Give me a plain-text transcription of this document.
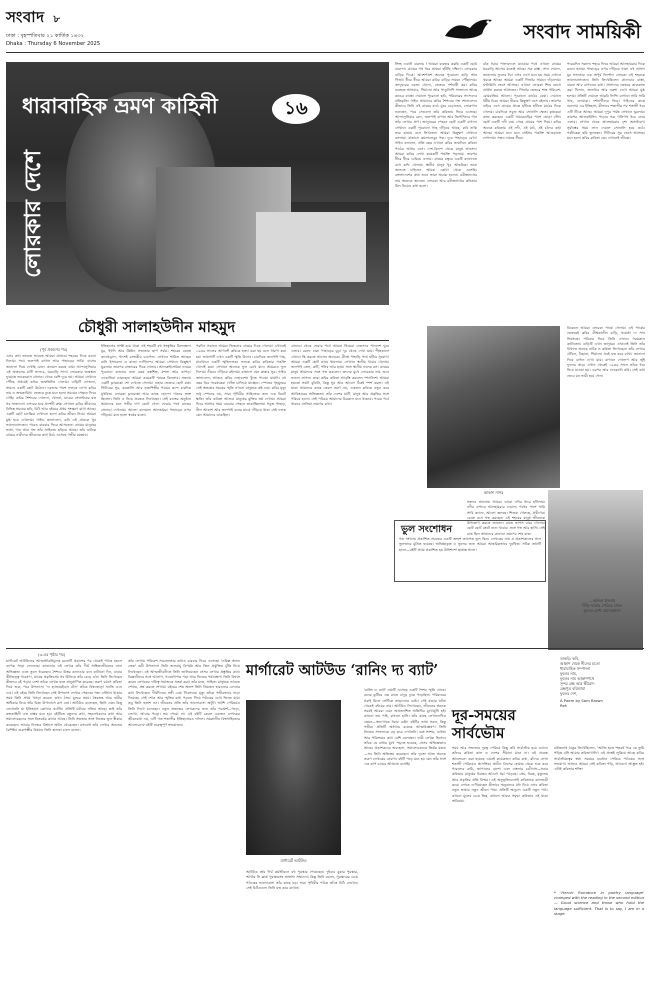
সংবাদ ৮
ঢাকা : বৃহস্পতিবার ২১ কার্তিক ১৪৩২
Dhaka : Thursday 6 November 2025
সংবাদ সাময়িকী
ধারাবাহিক ভ্রমণ কাহিনী	১৬
লোরকার দেশে
চৌধুরী সালাহউদীন মাহমুদ
সিংহ এবানী ঝরনায় ! আমরা ব্যবহার করছি একটি ছোট্ট বারান্দা। গ্রামের পথ ধরে আমরা হাঁটছি দক্ষিণে। লোরকার বাড়ির দিকে। আশেপাশে অনেক পুরোনো বাড়ি আর গির্জা। ধীরে ধীরে আমরা কবির বাড়ির সামনে পৌঁছালাম। জাদুঘরের দরজা খোলা, ভেতরে দর্শনার্থী কম। কবির ব্যবহৃত আসবাব, পিয়ানো আর পাণ্ডুলিপি সাজানো আছে কাচের বাক্সে। দেয়ালে পুরোনো ছবি, পরিবারের সদস্যদের প্রতিকৃতি। গাইড আমাদের কবির শৈশবের গল্প শোনালেন। কীভাবে তিনি এই গ্রামের মাঠে ঘুরে বেড়াতেন, লোকগান শুনতেন, পরে সেগুলো তাঁর কবিতায় ফিরে এসেছে। আন্দালুসিয়ার রোদ, জলপাই বাগান আর জিপসিদের গান তাঁর লেখার প্রাণ। জাদুঘরের পেছনে ছোট একটি বাগান। সেখানে একটি পুরোনো গাছ দাঁড়িয়ে আছে, কবি নাকি তার ছায়ায় বসে লিখতেন। আমরা কিছুক্ষণ সেখানে বসলাম। বাতাসে কমলালেবুর গন্ধ। দূরে পাহাড়ের রেখা। গাইড বললেন, প্রতি বছর এখানে কবির জন্মদিনে কবিতা পাঠের আসর বসে। দেশ-বিদেশ থেকে মানুষ আসেন। আমরা কবির লেখা কয়েকটি পঙক্তি পড়লাম। তারপর ধীরে ধীরে বেরিয়ে এলাম। গ্রামের চত্বরে একটি ক্যাফেতে বসে কফি খেলাম। স্থানীয় মানুষ খুব আন্তরিক। তারা জানতে চাইলেন আমরা কোথা থেকে এসেছি। বাংলাদেশের কথা শুনে তারা অবাক হলেন। রবীন্দ্রনাথের নাম অনেকে জানেন। লোরকা আর রবীন্দ্রনাথের কবিতার মিল নিয়েও কথা হলো।
বাঁক ধরার পালাবদলে যাওয়ার পথে এখনো গ্রামের ঘরবাড়ি আগের মতোই আছে। সরু রাস্তা, সাদা দেয়াল, জানালায় ফুলের টব। এসব দেখে মনে হয় সময় এখানে থমকে আছে। আমরা একটি গির্জার সামনে দাঁড়ালাম। ঘণ্টাধ্বনি ভেসে আসছে। এখানে লোরকা শিশু বয়সে প্রার্থনা করতে আসতেন। গির্জার ভেতরে শান্ত পরিবেশ, মোমবাতির আলো। পুরোনো কাঠের বেঞ্চ। দেয়ালে ধর্মীয় চিত্র। আমরা নীরবে কিছুক্ষণ বসে রইলাম। তারপর বাইরে এসে গ্রামের প্রান্তে হাঁটতে হাঁটতে মাঠের দিকে গেলাম। চারদিকে সবুজ আর সোনালি ক্ষেত। কৃষকেরা কাজ করছেন। একটি খামারবাড়ির পাশে ঘোড়া বাঁধা। ছোট একটি নদী বয়ে গেছে গ্রামের পাশ দিয়ে। কবির অনেক কবিতায় এই নদী, এই মাঠ, এই চাঁদের কথা আছে। আমরা মনে মনে সেইসব পঙক্তি আওড়াতে লাগলাম। সন্ধ্যা নামছে ধীরে।
পরেরদিন সকাল। শহরে ফিরে আমরা আলহামরার দিকে রওনা হলাম। পাহাড়ের ওপর দাঁড়িয়ে থাকা এই প্রাসাদ মুর সভ্যতার এক অপূর্ব নিদর্শন। লোরকা এই শহরকে ভালোবাসতেন। তিনি লিখেছিলেন গ্রানাডার রাস্তা, ঝরনা আর বাগানের কথা। প্রাসাদের ভেতরে কারুকাজ করা খিলান, জলাধার আর নকশা দেখে আমরা মুগ্ধ হলাম। প্রতিটি দেয়ালে আরবি লিপি। বাগানে সারি সারি গাছ, ফোয়ারা। দর্শনার্থীদের ভিড়। গাইডের কাছে শুনলাম এর ইতিহাস, কীভাবে শতাব্দীর পর শতাব্দী ধরে এটি টিকে আছে। আমরা দুপুর পর্যন্ত সেখানে ঘুরলাম। তারপর আলবাইসিন পাড়ার সরু গলিপথ ধরে নেমে এলাম। সেখান থেকে আলহামরার দৃশ্য অসাধারণ। সূর্যাস্তের সময় লাল দেয়াল সোনালি হয়ে ওঠে। পর্যটকেরা ছবি তুলছেন। গিটারের সুর ভেসে আসছে। মনে হলো কবির কবিতা যেন এখানেই জীবন্ত।
বিকেলে আমরা লোরকা পার্কে গেলাম। এই পার্কের ভেতরেই কবির গ্রীষ্মকালীন বাড়ি, হুয়ের্তা দে সান ভিসেন্তে। পরিবার নিয়ে তিনি এখানে গরমকাল কাটাতেন। বাড়িটি এখন জাদুঘর। এখানেই তিনি তাঁর বিখ্যাত অনেক নাটক ও কবিতা লিখেছেন। তাঁর লেখার টেবিল, বিছানা, পিয়ানো সবই যত্ন করে রাখা। জানালা দিয়ে বাগান দেখা যায়। বাগানে গোলাপ আর জুঁই ফুলের ঝাড়। এখান থেকেই ১৯৩৬ সালে তাঁকে ধরে নিয়ে যাওয়া হয়। এরপর আর ফেরেননি কবি। সেই কথা ভেবে মন ভারী হয়ে গেল।
আকাশ নাগর
(পূর্ব প্রকাশের পর)
এসব কথা ভাবতে ভাবতে আমরা গ্রানাডা শহরের দিকে রওনা দিলাম। পথে জলপাই বাগান আর পাহাড়ের সারি। বাসের জানালা দিয়ে দেখছি রোদে ঝলমল করছে গ্রাম। আন্দালুসিয়ার এই অঞ্চলের মাটি লালচে, ঘরবাড়ি সাদা। লোরকার জন্মস্থান ফুয়েন্তে ভাকেরোস গ্রানাডা থেকে বেশি দূরে নয়। আমরা সেখানে পৌঁছে প্রথমেই কবির জন্মভিটায় গেলাম। বাড়িটি দোতলা, সামনে একটি ছোট উঠোন। দরজার পাশে ফলকে লেখা কবির নাম ও জন্মতারিখ। ভেতরে ঢুকে মনে হলো সময়ের পেছনে ফিরে গেছি। কবির শৈশবের দোলনা, খেলনা, মায়ের সেলাইয়ের যন্ত্র সব সাজানো। ওপরের ঘরে প্রদর্শনী কক্ষ। সেখানে কবির জীবনের বিভিন্ন সময়ের ছবি, চিঠি আর বইয়ের প্রথম সংস্করণ রাখা আছে। একটি ছোট চলচ্চিত্র দেখানো হলো কবির জীবন নিয়ে। আমরা মুগ্ধ হয়ে দেখলাম। গাইড জানালেন, কবি এই গ্রামকে খুব ভালোবাসতেন। পরেও বারবার ফিরে আসতেন। গ্রামের মানুষের ভাষা, গান আর গল্প তাঁর সাহিত্যে ছড়িয়ে আছে। তাঁর নাটকে গ্রামের নারীদের জীবনের কথা উঠে এসেছে গভীর মমতায়।
ইতিহাসের সাক্ষী হয়ে থাকা এই শহরটি বহু সংস্কৃতির মিলনস্থল। মুর, ইহুদি আর খ্রিষ্টান সভ্যতার ছাপ সর্বত্র। শহরের কেন্দ্রে ক্যাথেড্রাল, পাশেই রাজকীয় চ্যাপেল। সেখানে শায়িত আছেন রানি ইসাবেলা ও রাজা ফার্দিনান্দ। আমরা সেখানে কিছুক্ষণ ঘুরলাম। তারপর বাজারের দিকে গেলাম। আলকাইসেরিয়া নামের পুরোনো বাজারে নানা রকম হস্তশিল্প, মশলা আর কাপড়। দোকানিরা ডাকছেন। আমরা কয়েকটি স্মারক কিনলাম। সন্ধ্যায় একটি ফ্লামেঙ্কো শো দেখতে গেলাম। গুহার ভেতরে ছোট মঞ্চ। গিটারের সুর, করতালি আর নৃত্যশিল্পীর পায়ের ছন্দে চারদিক মুখরিত। লোরকা ফ্লামেঙ্কো আর কান্তে হোন্দো গানের ভক্ত ছিলেন। তিনি এ নিয়ে প্রবন্ধও লিখেছেন। সেই রাতের অনুষ্ঠান আমাদের মনে গভীর দাগ কেটে গেল। ফেরার পথে রাতের গ্রানাডা দেখলাম। আলো ঝলমলে আলহামরা পাহাড়ের ওপর দাঁড়িয়ে। মনে হলো স্বপ্নের মতো।
পরদিন সকালে আমরা ভিজনার গ্রামের দিকে গেলাম। এখানেই ১৯৩৬ সালের আগস্টে কবিকে হত্যা করা হয় বলে ধারণা করা হয়। জায়গাটি এখন একটি স্মৃতি উদ্যান। চারদিকে জলপাই গাছ, মাঝখানে একটি স্মৃতিফলক। ফলকে কবির কবিতার পঙক্তি খোদাই করা। সেখানে অনেকে ফুল রেখে যান। আমরাও ফুল দিলাম। নীরবে দাঁড়িয়ে রইলাম। বাতাসে যেন কান্নার সুর। গাইড জানালেন, আজও কবির দেহাবশেষ খুঁজে পাওয়া যায়নি। বহু বছর ধরে গবেষকেরা খোঁজ চালিয়ে যাচ্ছেন। স্পেনের গৃহযুদ্ধের সেই অন্ধকার সময়ের স্মৃতি এখনো মানুষকে কষ্ট দেয়। কবির মৃত্যু শুধু স্পেনের নয়, সারা পৃথিবীর সাহিত্যের জন্য এক বিরাট ক্ষতি। তাঁর কবিতা আজও মানুষের মুক্তির স্বপ্ন দেখায়। আমরা ফিরে আসার সময় বারবার পেছনে তাকাচ্ছিলাম। সবুজ পাহাড়, নীল আকাশ আর জলপাই বনের মাঝে দাঁড়িয়ে থাকা সেই ফলক যেন আমাদের ডাকছিল।
গ্রানাডা থেকে ফেরার পথে আমরা সিয়েরা নেভাদার পাদদেশ ঘুরে এলাম। বরফে ঢাকা পাহাড়ের চূড়া দূর থেকে দেখা যায়। শীতকালে এখানে স্কি করতে আসেন অনেকে। গ্রীষ্মে পাহাড়ি পথে হাঁটার সুযোগ। আমরা একটি ছোট গ্রামে থামলাম। সেখানে স্থানীয় খাবার খেলাম। জলপাই তেল, রুটি, পনির আর হ্যাম। সঙ্গে স্থানীয় ফলের রস। গ্রামের মানুষ আমাদের সঙ্গে গল্প করলেন। তাদের মুখে লোরকার নাম শুনে ভালো লাগল। তারা কবির কবিতা আবৃত্তি করলেন স্প্যানিশে। আমরা হয়তো সবটা বুঝিনি, কিন্তু সুর আর আবেগ ঠিকই স্পর্শ করল। এই যাত্রা আমাদের কাছে কেবল ভ্রমণ নয়, একজন কবিকে নতুন করে আবিষ্কারের অভিজ্ঞতা। তাঁর দেশের মাটি, মানুষ আর প্রকৃতির সঙ্গে পরিচয় হলো। সেই পরিচয় আমাদের চিরকাল মনে থাকবে। পরের পর্বে থাকবে সেভিয়া ভ্রমণের কথা।
ভুল সংশোধন
গত সংখ্যায় প্রকাশিত প্রবন্ধের একটি অংশে তথ্যগত ভুল ছিল। লেখকের নাম ও প্রকাশকালের সাল ভুলভাবে মুদ্রিত হয়েছে। অনিচ্ছাকৃত এ ভুলের জন্য আমরা আন্তরিকভাবে দুঃখিত। সঠিক তথ্যটি হলো—বইটি প্রথম প্রকাশিত হয় উনিশশো ছাপ্পান্ন সালে।
ডাকরি: কবি,
আকাশ থেকে নীলের মতো
ধারাবাহিক সম্পাদনা
ফুলের নাম,
ফুলের নাম আকাশপথে
সুন্দর ব্রহ্ম আর ক্ষীরোদ
ব্রহ্মপুত্র হরিষ্যামা
ফুলের দেশ,
A Poem by Sam Brown
Ref:
সন্ধ্যার আলোয় আমরা ডারো নদীর ধারে হাঁটলাম। নদীর ওপারে আলহামরার দেয়াল। পথের পাশে সারি সারি ক্যাফে, আলো জ্বলছে। শিশুরা খেলছে, প্রবীণেরা বেঞ্চে বসে গল্প করছেন। এই শহরের মানুষ জীবনকে উপভোগ করতে জানেন। রাতে তাপস বারে গেলাম। ছোট ছোট প্লেটে নানা খাবার। সঙ্গে গল্প আর হাসি। সেই রাত ছিল আমাদের গ্রানাডা ভ্রমণের শেষ রাত।
(৩-এর পৃষ্ঠার পর)
মার্গারেট আটউডের আত্মজীবনীমূলক রচনাটি প্রকাশের পর থেকেই পাঠক মহলে ব্যাপক সাড়া ফেলেছে। কানাডার এই লেখক তাঁর দীর্ঘ সাহিত্যজীবনের নানা অভিজ্ঞতা এতে তুলে ধরেছেন। শৈশবে উত্তর কানাডার বনে কাটানো দিন, বাবার কীটতত্ত্ব গবেষণা, মায়ের প্রকৃতিপ্রেম সব মিলিয়ে তাঁর বেড়ে ওঠা। তিনি লিখেছেন কীভাবে বই পড়ার নেশা তাঁকে লেখক হতে অনুপ্রাণিত করেছে। তরুণ বয়সে কবিতা দিয়ে শুরু, পরে উপন্যাস। 'দ্য হ্যান্ডমেইডস টেল' তাঁকে বিশ্বজোড়া খ্যাতি এনে দেয়। এই বইয়ে তিনি লিখেছেন সেই উপন্যাস লেখার পেছনের গল্প। বার্লিনে থাকার সময় তিনি প্রথম খসড়া করেন। তখন ঠান্ডা যুদ্ধের সময়। স্বৈরতন্ত্র আর নারীর অধিকার নিয়ে তাঁর চিন্তা উপন্যাসে রূপ নেয়। আটউড বলেছেন, তিনি এমন কিছু লেখেননি যা ইতিহাসে কোথাও ঘটেনি। প্রতিটি ঘটনার নজির আছে। তাই তাঁর কল্পকাহিনী এত বাস্তব মনে হয়। বইটিতে বন্ধুদের কথা, সহলেখকদের কথা আর সমালোচকদের সঙ্গে বিতর্কের কথাও আছে। তিনি সততার সঙ্গে নিজের ভুল স্বীকার করেছেন। আবার নিজের বিশ্বাসে অটল থেকেছেন। রসবোধ তাঁর লেখার অন্যতম বৈশিষ্ট্য। গুরুগম্ভীর বিষয়ও তিনি হালকা চালে বলেন।
তাঁর লেখায় পরিবেশ সচেতনতার কথাও বারবার ফিরে এসেছে। 'ওরিক্স অ্যান্ড ক্রেক' ত্রয়ী উপন্যাসে তিনি জলবায়ু বিপর্যয় আর জিন প্রযুক্তির ঝুঁকি নিয়ে লিখেছেন। এই আত্মজীবনীতে তিনি জানিয়েছেন সেসব লেখার প্রস্তুতির কথা। বিজ্ঞানীদের সঙ্গে আলাপ, গবেষণাপত্র পড়া আর নিজের পর্যবেক্ষণ। তিনি বিশ্বাস করেন লেখকের দায়িত্ব সমাজকে সতর্ক করা। তাঁর মতে, সাহিত্য মানুষকে ভাবতে শেখায়, প্রশ্ন করতে শেখায়। বইয়ের শেষ অংশে তিনি প্রিয়জন হারানোর বেদনার কথা লিখেছেন। দীর্ঘদিনের সঙ্গী গ্রেম গিবসনের মৃত্যু তাঁকে গভীরভাবে নাড়া দিয়েছে। সেই শোক আর স্মৃতির কথা পড়তে গিয়ে পাঠকের চোখ ভিজে যায়। তবু তিনি হতাশ নন। জীবনের প্রতি তাঁর ভালোবাসা অটুট। আশি পেরিয়েও তিনি লিখে চলেছেন। নতুন প্রজন্মের লেখকদের জন্য তাঁর পরামর্শ—পড়ো, লেখো, আবার পড়ো। ভয় পেয়ো না। এই বইটি কেবল একজন লেখকের জীবনকথা নয়, এটি গত শতাব্দীর ইতিহাসেরও দলিল। সমকালীন বিশ্বসাহিত্যের আলোচনায় বইটি গুরুত্বপূর্ণ সংযোজন।
মার্গারেট আটউড ‘রানিং দ্য ব্যাট’
মার্গারেট আটউড
আটউড তাঁর দীর্ঘ কর্মজীবনে বহু পুরস্কার পেয়েছেন। দুইবার বুকার পুরস্কার, আর্থার সি ক্লার্ক পুরস্কারসহ অসংখ্য সম্মাননা। কিন্তু তিনি বলেন, পুরস্কারের চেয়ে পাঠকের ভালোবাসা তাঁর কাছে বড়। সারা পৃথিবীর পাঠক তাঁকে চিঠি লেখেন। সেই চিঠিগুলো তিনি যত্ন করে রাখেন।
'রানিং দ্য ব্যাট' নামটি এসেছে একটি শৈশব স্মৃতি থেকে। বনের কুটিরে এক রাতে বাদুড় ঢুকে পড়েছিল। পরিবারের সবাই মিলে সেটিকে তাড়ানোর চেষ্টা। সেই মজার ঘটনা থেকেই বইয়ের নাম। আটউড লিখেছেন, জীবনের অনেক সময়ই আমরা এমন অপ্রত্যাশিত অতিথির মুখোমুখি হই। কখনো ভয় পাই, কখনো হাসি। তাঁর কাছে লেখালেখিও তেমন—অদেখাকে ধরার চেষ্টা। বইটির ভাষা সরল, কিন্তু গভীর। প্রতিটি অধ্যায়ে রয়েছে আত্মবিশ্লেষণ। তিনি নিজের সাফল্যকে বড় করে দেখাননি। বরং সংশয়, ব্যর্থতা আর পরিশ্রমের কথা বেশি বলেছেন। নারী লেখক হিসেবে তাঁকে যে বাধার মুখে পড়তে হয়েছে, সেসব অভিজ্ঞতাও আছে। প্রকাশকদের অবহেলা, সমালোচকদের তির্যক মন্তব্য—সব তিনি অতিক্রম করেছেন। তাঁর দৃঢ়তা আজ অনেক তরুণ লেখকের প্রেরণা। বইটি পড়ে মনে হয় যেন তাঁর সঙ্গে এক কাপ চায়ের আড্ডায় বসেছি।
দূর-সময়ের সার্বভৌম
সময় আর সভ্যতার দূরত্ব পেরিয়ে কিছু কবি সার্বভৌম হয়ে ওঠেন। তাঁদের কবিতা কাল ও দেশের সীমানা মানে না। এই প্রবন্ধে আলোচনা করা হয়েছে এমনই কয়েকজন কবির কথা, যাঁদের লেখা শতাব্দী পেরিয়েও প্রাসঙ্গিক। প্রাচীন গ্রিসের হোমার থেকে শুরু করে পারস্যের রুমি, জাপানের বাশো এবং বাংলার চণ্ডীদাস—সবার কবিতায় মানুষের চিরন্তন আবেগ ধরা পড়েছে। প্রেম, বিরহ, মৃত্যুভয় আর প্রকৃতির প্রতি বিস্ময়। এই অনুভূতিগুলোই কবিতাকে কালজয়ী করে। লেখক দেখিয়েছেন কীভাবে অনুবাদের মধ্য দিয়ে এসব কবিতা নতুন ভাষায় নতুন জীবন পায়। প্রতিটি অনুবাদ একটি নতুন পাঠ। কখনো মূলের চেয়ে ভিন্ন, কখনো আরও সমৃদ্ধ। কবিতার এই যাত্রা অবিরাম।
রবীন্দ্রনাথ ঠাকুর লিখেছিলেন, 'আজি হতে শতবর্ষ পরে কে তুমি পড়িছ বসি আমার কবিতাখানি'। এই প্রশ্নেই লুকিয়ে আছে কবির সার্বভৌমত্বের স্বপ্ন। সময়ের ব্যবধান পেরিয়ে পাঠকের সঙ্গে সংযোগ। আজও আমরা সেই কবিতা পড়ি, আবেগে আপ্লুত হই। এটাই কবিতার শক্তি।
—অনিতা ইসলাম
সিঁড়ি আমার পেরিয়ে গেলে
ফুলের চোখ রোদেরকাগে
* 'Heroic Romance in poetry language' changed with the reading in the second edition — Good science and those who hold the language sufficient. That is to say, I am in a stage.
